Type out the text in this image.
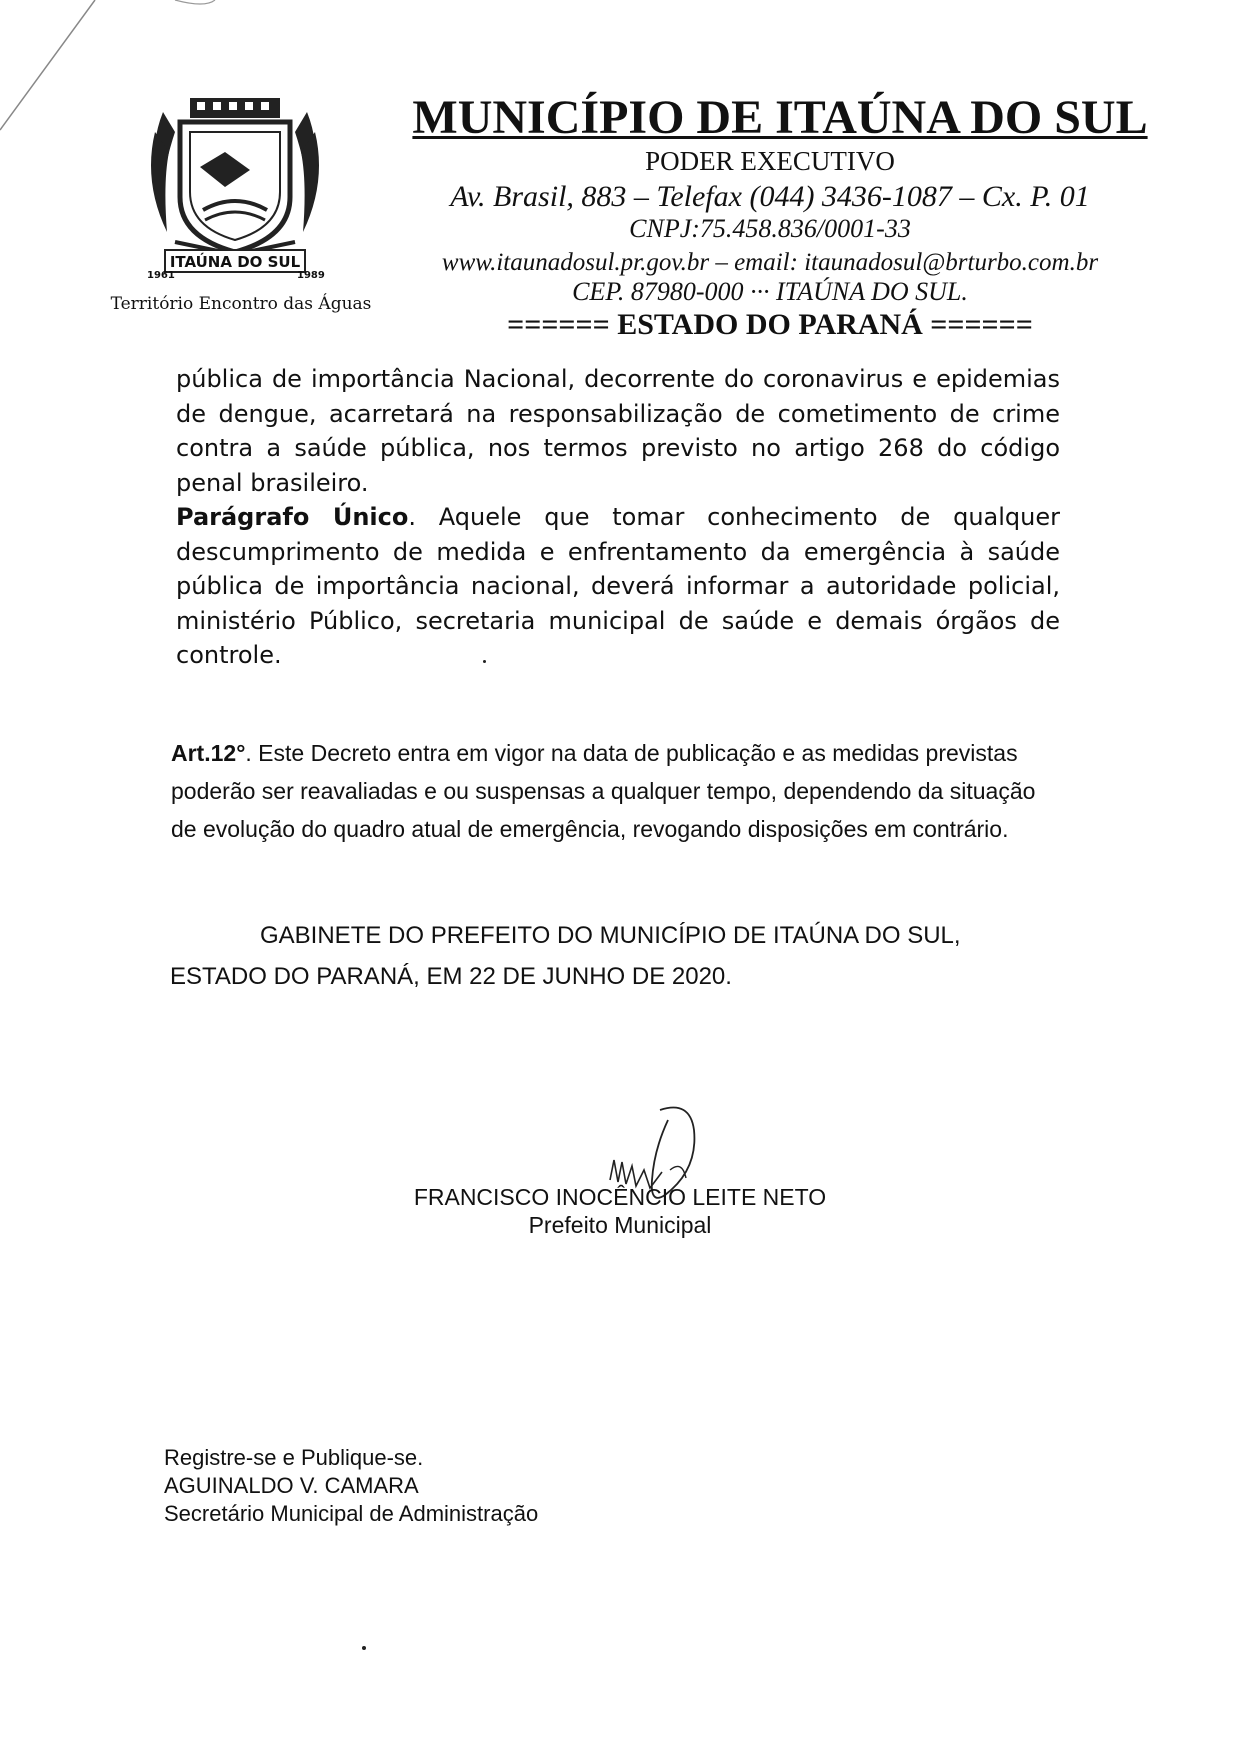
ITAÚNA DO SUL
1961	1989
Território Encontro das Águas
MUNICÍPIO DE ITAÚNA DO SUL
PODER EXECUTIVO
Av. Brasil, 883 – Telefax (044) 3436-1087 – Cx. P. 01
CNPJ:75.458.836/0001-33
www.itaunadosul.pr.gov.br – email: itaunadosul@brturbo.com.br
CEP. 87980-000 ··· ITAÚNA DO SUL.
====== ESTADO DO PARANÁ ======

pública de importância Nacional, decorrente do coronavirus e epidemias de dengue, acarretará na responsabilização de cometimento de crime contra a saúde pública, nos termos previsto no artigo 268 do código penal brasileiro.

Parágrafo Único. Aquele que tomar conhecimento de qualquer descumprimento de medida e enfrentamento da emergência à saúde pública de importância nacional, deverá informar a autoridade policial, ministério Público, secretaria municipal de saúde e demais órgãos de controle.

Art.12°. Este Decreto entra em vigor na data de publicação e as medidas previstas poderão ser reavaliadas e ou suspensas a qualquer tempo, dependendo da situação de evolução do quadro atual de emergência, revogando disposições em contrário.

GABINETE DO PREFEITO DO MUNICÍPIO DE ITAÚNA DO SUL, ESTADO DO PARANÁ, EM 22 DE JUNHO DE 2020.

FRANCISCO INOCÊNCIO LEITE NETO
Prefeito Municipal
Registre-se e Publique-se.
AGUINALDO V. CAMARA
Secretário Municipal de Administração
